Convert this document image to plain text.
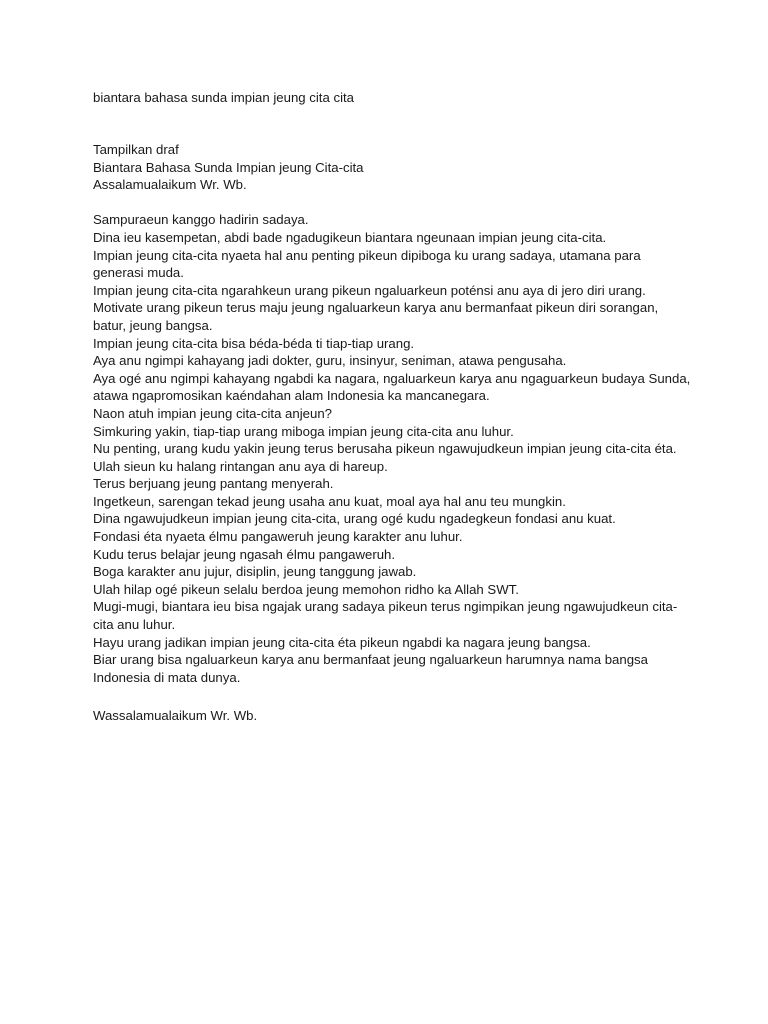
biantara bahasa sunda impian jeung cita cita
Tampilkan draf
Biantara Bahasa Sunda Impian jeung Cita-cita
Assalamualaikum Wr. Wb.
Sampuraeun kanggo hadirin sadaya.
Dina ieu kasempetan, abdi bade ngadugikeun biantara ngeunaan impian jeung cita-cita.
Impian jeung cita-cita nyaeta hal anu penting pikeun dipiboga ku urang sadaya, utamana para
generasi muda.
Impian jeung cita-cita ngarahkeun urang pikeun ngaluarkeun poténsi anu aya di jero diri urang.
Motivate urang pikeun terus maju jeung ngaluarkeun karya anu bermanfaat pikeun diri sorangan,
batur, jeung bangsa.
Impian jeung cita-cita bisa béda-béda ti tiap-tiap urang.
Aya anu ngimpi kahayang jadi dokter, guru, insinyur, seniman, atawa pengusaha.
Aya ogé anu ngimpi kahayang ngabdi ka nagara, ngaluarkeun karya anu ngaguarkeun budaya Sunda,
atawa ngapromosikan kaéndahan alam Indonesia ka mancanegara.
Naon atuh impian jeung cita-cita anjeun?
Simkuring yakin, tiap-tiap urang miboga impian jeung cita-cita anu luhur.
Nu penting, urang kudu yakin jeung terus berusaha pikeun ngawujudkeun impian jeung cita-cita éta.
Ulah sieun ku halang rintangan anu aya di hareup.
Terus berjuang jeung pantang menyerah.
Ingetkeun, sarengan tekad jeung usaha anu kuat, moal aya hal anu teu mungkin.
Dina ngawujudkeun impian jeung cita-cita, urang ogé kudu ngadegkeun fondasi anu kuat.
Fondasi éta nyaeta élmu pangaweruh jeung karakter anu luhur.
Kudu terus belajar jeung ngasah élmu pangaweruh.
Boga karakter anu jujur, disiplin, jeung tanggung jawab.
Ulah hilap ogé pikeun selalu berdoa jeung memohon ridho ka Allah SWT.
Mugi-mugi, biantara ieu bisa ngajak urang sadaya pikeun terus ngimpikan jeung ngawujudkeun cita-
cita anu luhur.
Hayu urang jadikan impian jeung cita-cita éta pikeun ngabdi ka nagara jeung bangsa.
Biar urang bisa ngaluarkeun karya anu bermanfaat jeung ngaluarkeun harumnya nama bangsa
Indonesia di mata dunya.
Wassalamualaikum Wr. Wb.
